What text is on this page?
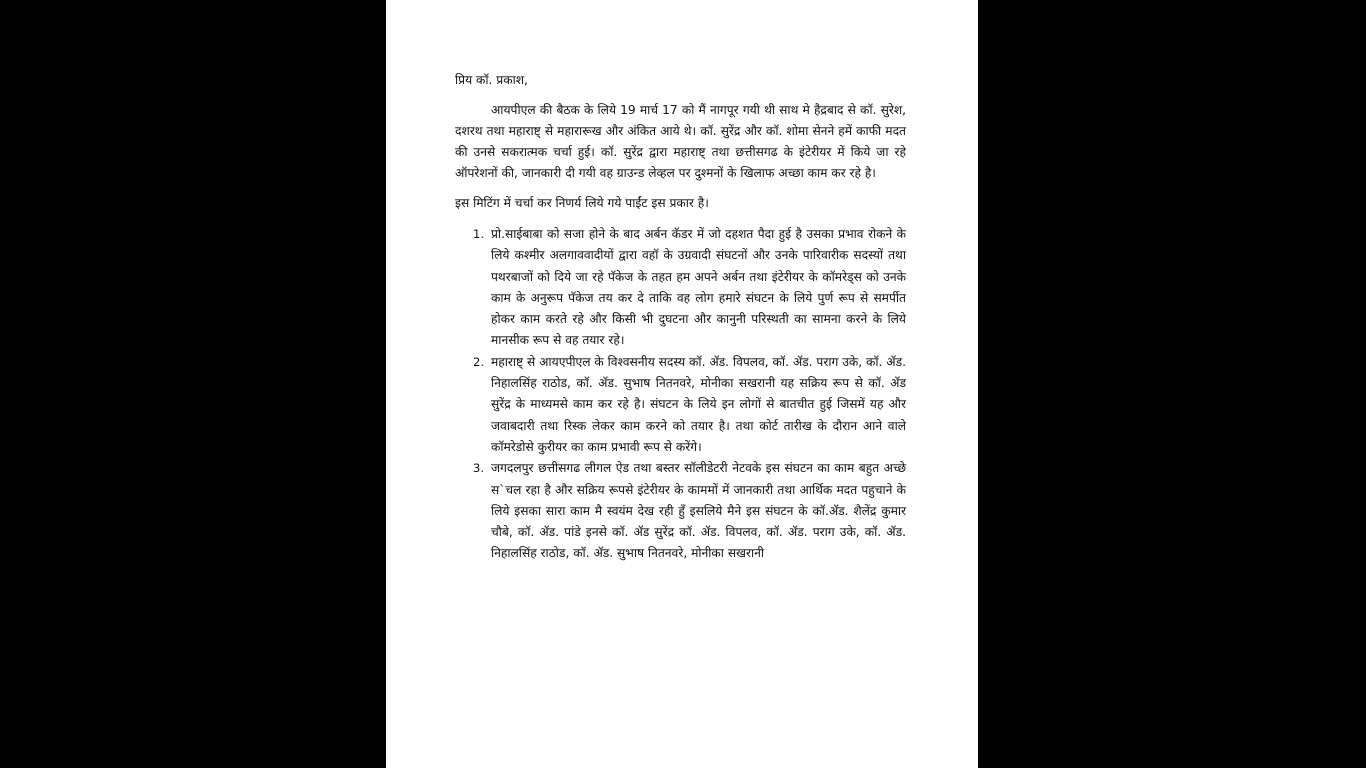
प्रिय कॉ. प्रकाश,

आयपीएल की बैठक के लिये 19 मार्च 17 को मैं नागपूर गयी थी साथ मे हैद्रबाद से कॉ. सुरेश, दशरथ तथा महाराष्ट् से महारारूख और अंकित आये थे। कॉ. सुरेंद्र और कॉ. शोमा सेनने हमें काफी मदत की उनसे सकरात्मक चर्चा हुई। कॉ. सुरेंद्र द्वारा महाराष्ट् तथा छत्तीसगढ के इंटेरीयर में किये जा रहे ऑपरेशनों की, जानकारी दी गयी वह ग्राउन्ड लेव्हल पर दुश्मनों के खिलाफ अच्छा काम कर रहे है।

इस मिटिंग में चर्चा कर निणर्य लिये गये पाईंट इस प्रकार है।

1. प्रो.साईबाबा को सजा होने के बाद अर्बन कॅडर में जो दहशत पैदा हुई है उसका प्रभाव रोकने के लिये कश्मीर अलगाववादीयों द्वारा वहॉ के उग्रवादी संघटनों और उनके पारिवारीक सदस्यों तथा पथरबाजों को दिये जा रहे पॅकेज के तहत हम अपने अर्बन तथा इंटेरीयर के कॉमरेड्स को उनके काम के अनुरूप पॅकेज तय कर दे ताकि वह लोग हमारे संघटन के लिये पुर्ण रूप से समर्पीत होकर काम करते रहे और किसी भी दुघटना और कानुनी परिस्थती का सामना करने के लिये मानसीक रूप से वह तयार रहे।
2. महाराष्ट् से आयएपीएल के विश्वसनीय सदस्य कॉ. ॲड. विपलव, कॉ. ॲड. पराग उके, कॉ. ॲड. निहालसिंह राठोड, कॉ. ॲड. सुभाष नितनवरे, मोनीका सखरानी यह सक्रिय रूप से कॉ. ॲड सुरेंद्र के माध्यमसे काम कर रहे है। संघटन के लिये इन लोगों से बातचीत हुई जिसमें यह और जवाबदारी तथा रिस्क लेकर काम करने को तयार है। तथा कोर्ट तारीख के दौरान आने वाले कॉमरेडोसे कुरीयर का काम प्रभावी रूप से करेंगे।
3. जगदलपुर छत्तीसगढ लीगल ऐड तथा बस्तर सॉलीडेटरी नेटवके इस संघटन का काम बहुत अच्छे स`चल रहा है और सक्रिय रूपसे इंटेरीयर के काममों में जानकारी तथा आर्थिक मदत पहुचाने के लिये इसका सारा काम मै स्वयंम देख रही हुँ इसलिये मैने इस संघटन के कॉ.ॲड. शैलेंद्र कुमार चौबे, कॉ. ॲड. पांडे इनसे कॉ. ॲड सुरेंद्र कॉ. ॲड. विपलव, कॉ. ॲड. पराग उके, कॉ. ॲड. निहालसिंह राठोड, कॉ. ॲड. सुभाष नितनवरे, मोनीका सखरानी
